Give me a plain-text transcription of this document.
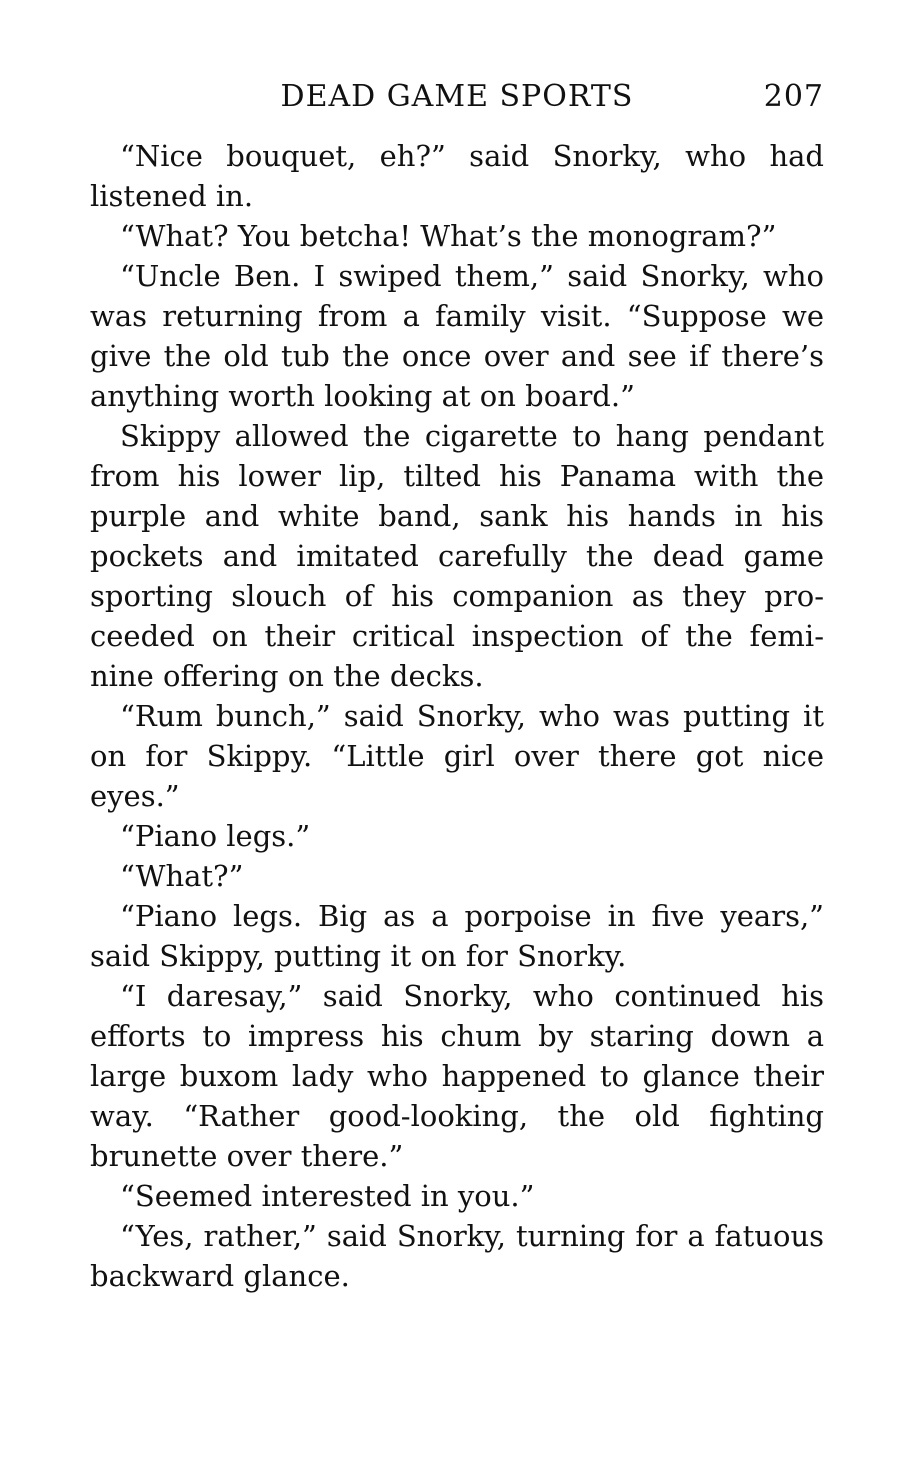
DEAD GAME SPORTS	207

“Nice bouquet, eh?” said Snorky, who had listened in.

“What? You betcha! What’s the monogram?”

“Uncle Ben. I swiped them,” said Snorky, who was returning from a family visit. “Suppose we give the old tub the once over and see if there’s anything worth looking at on board.”

Skippy allowed the cigarette to hang pendant from his lower lip, tilted his Panama with the purple and white band, sank his hands in his pockets and imitated carefully the dead game sporting slouch of his companion as they proceeded on their critical inspection of the feminine offering on the decks.

“Rum bunch,” said Snorky, who was putting it on for Skippy. “Little girl over there got nice eyes.”

“Piano legs.”

“What?”

“Piano legs. Big as a porpoise in five years,” said Skippy, putting it on for Snorky.

“I daresay,” said Snorky, who continued his efforts to impress his chum by staring down a large buxom lady who happened to glance their way. “Rather good-looking, the old fighting brunette over there.”

“Seemed interested in you.”

“Yes, rather,” said Snorky, turning for a fatuous backward glance.
